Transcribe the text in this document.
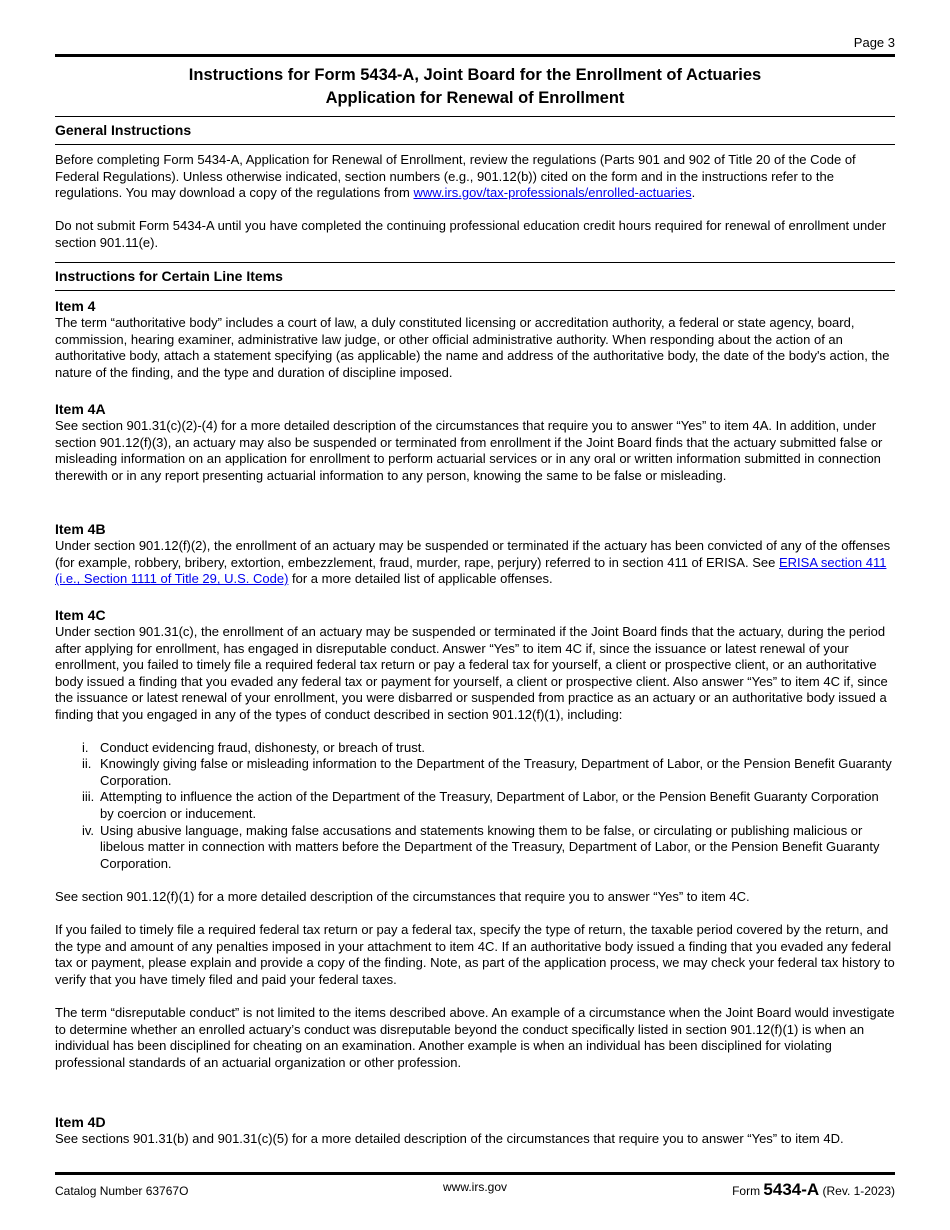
Page 3
Instructions for Form 5434-A, Joint Board for the Enrollment of Actuaries
Application for Renewal of Enrollment
General Instructions

Before completing Form 5434-A, Application for Renewal of Enrollment, review the regulations (Parts 901 and 902 of Title 20 of the Code of Federal Regulations). Unless otherwise indicated, section numbers (e.g., 901.12(b)) cited on the form and in the instructions refer to the regulations. You may download a copy of the regulations from www.irs.gov/tax-professionals/enrolled-actuaries.

Do not submit Form 5434-A until you have completed the continuing professional education credit hours required for renewal of enrollment under section 901.11(e).

Instructions for Certain Line Items
Item 4

The term “authoritative body” includes a court of law, a duly constituted licensing or accreditation authority, a federal or state agency, board, commission, hearing examiner, administrative law judge, or other official administrative authority. When responding about the action of an authoritative body, attach a statement specifying (as applicable) the name and address of the authoritative body, the date of the body's action, the nature of the finding, and the type and duration of discipline imposed.

Item 4A

See section 901.31(c)(2)-(4) for a more detailed description of the circumstances that require you to answer “Yes” to item 4A. In addition, under section 901.12(f)(3), an actuary may also be suspended or terminated from enrollment if the Joint Board finds that the actuary submitted false or misleading information on an application for enrollment to perform actuarial services or in any oral or written information submitted in connection therewith or in any report presenting actuarial information to any person, knowing the same to be false or misleading.

Item 4B

Under section 901.12(f)(2), the enrollment of an actuary may be suspended or terminated if the actuary has been convicted of any of the offenses (for example, robbery, bribery, extortion, embezzlement, fraud, murder, rape, perjury) referred to in section 411 of ERISA. See ERISA section 411 (i.e., Section 1111 of Title 29, U.S. Code) for a more detailed list of applicable offenses.

Item 4C

Under section 901.31(c), the enrollment of an actuary may be suspended or terminated if the Joint Board finds that the actuary, during the period after applying for enrollment, has engaged in disreputable conduct. Answer “Yes” to item 4C if, since the issuance or latest renewal of your enrollment, you failed to timely file a required federal tax return or pay a federal tax for yourself, a client or prospective client, or an authoritative body issued a finding that you evaded any federal tax or payment for yourself, a client or prospective client. Also answer “Yes” to item 4C if, since the issuance or latest renewal of your enrollment, you were disbarred or suspended from practice as an actuary or an authoritative body issued a finding that you engaged in any of the types of conduct described in section 901.12(f)(1), including:

i. Conduct evidencing fraud, dishonesty, or breach of trust.
ii. Knowingly giving false or misleading information to the Department of the Treasury, Department of Labor, or the Pension Benefit Guaranty Corporation.
iii. Attempting to influence the action of the Department of the Treasury, Department of Labor, or the Pension Benefit Guaranty Corporation by coercion or inducement.
iv. Using abusive language, making false accusations and statements knowing them to be false, or circulating or publishing malicious or libelous matter in connection with matters before the Department of the Treasury, Department of Labor, or the Pension Benefit Guaranty Corporation.

See section 901.12(f)(1) for a more detailed description of the circumstances that require you to answer “Yes” to item 4C.

If you failed to timely file a required federal tax return or pay a federal tax, specify the type of return, the taxable period covered by the return, and the type and amount of any penalties imposed in your attachment to item 4C. If an authoritative body issued a finding that you evaded any federal tax or payment, please explain and provide a copy of the finding. Note, as part of the application process, we may check your federal tax history to verify that you have timely filed and paid your federal taxes.

The term “disreputable conduct” is not limited to the items described above. An example of a circumstance when the Joint Board would investigate to determine whether an enrolled actuary’s conduct was disreputable beyond the conduct specifically listed in section 901.12(f)(1) is when an individual has been disciplined for cheating on an examination. Another example is when an individual has been disciplined for violating professional standards of an actuarial organization or other profession.

Item 4D

See sections 901.31(b) and 901.31(c)(5) for a more detailed description of the circumstances that require you to answer “Yes” to item 4D.

www.irs.gov
Catalog Number 63767O	Form 5434-A (Rev. 1-2023)
